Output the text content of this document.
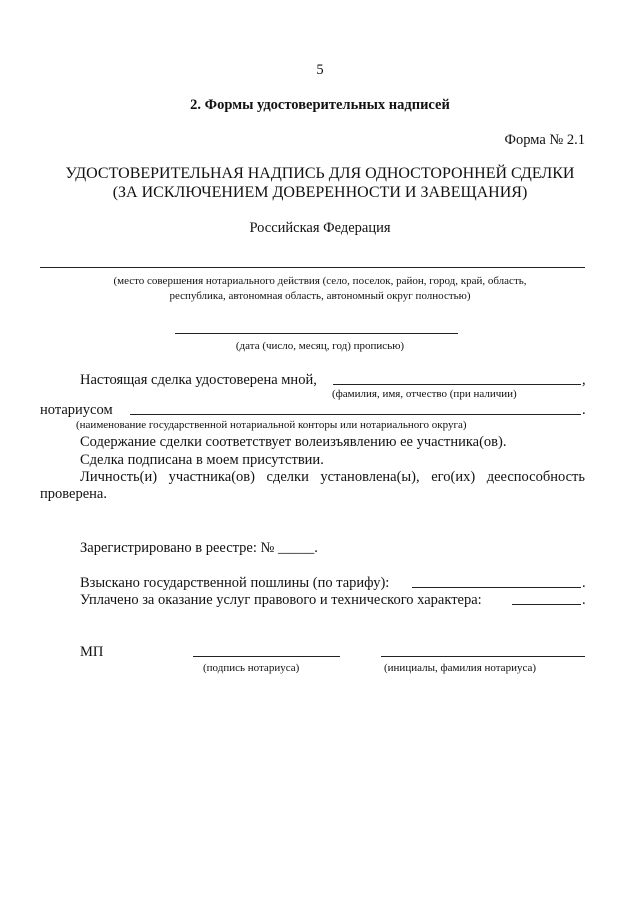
5
2. Формы удостоверительных надписей
Форма № 2.1
УДОСТОВЕРИТЕЛЬНАЯ НАДПИСЬ ДЛЯ ОДНОСТОРОННЕЙ СДЕЛКИ
(ЗА ИСКЛЮЧЕНИЕМ ДОВЕРЕННОСТИ И ЗАВЕЩАНИЯ)
Российская Федерация
(место совершения нотариального действия (село, поселок, район, город, край, область,
республика, автономная область, автономный округ полностью)
(дата (число, месяц, год) прописью)
Настоящая сделка удостоверена мной,	,
(фамилия, имя, отчество (при наличии)
нотариусом	.
(наименование государственной нотариальной конторы или нотариального округа)
Содержание сделки соответствует волеизъявлению ее участника(ов).
Сделка подписана в моем присутствии.
Личность(и) участника(ов) сделки установлена(ы), его(их) дееспособность
проверена.
Зарегистрировано в реестре: № _____.
Взыскано государственной пошлины (по тарифу):	.
Уплачено за оказание услуг правового и технического характера:	.
МП
(подпись нотариуса)	(инициалы, фамилия нотариуса)
